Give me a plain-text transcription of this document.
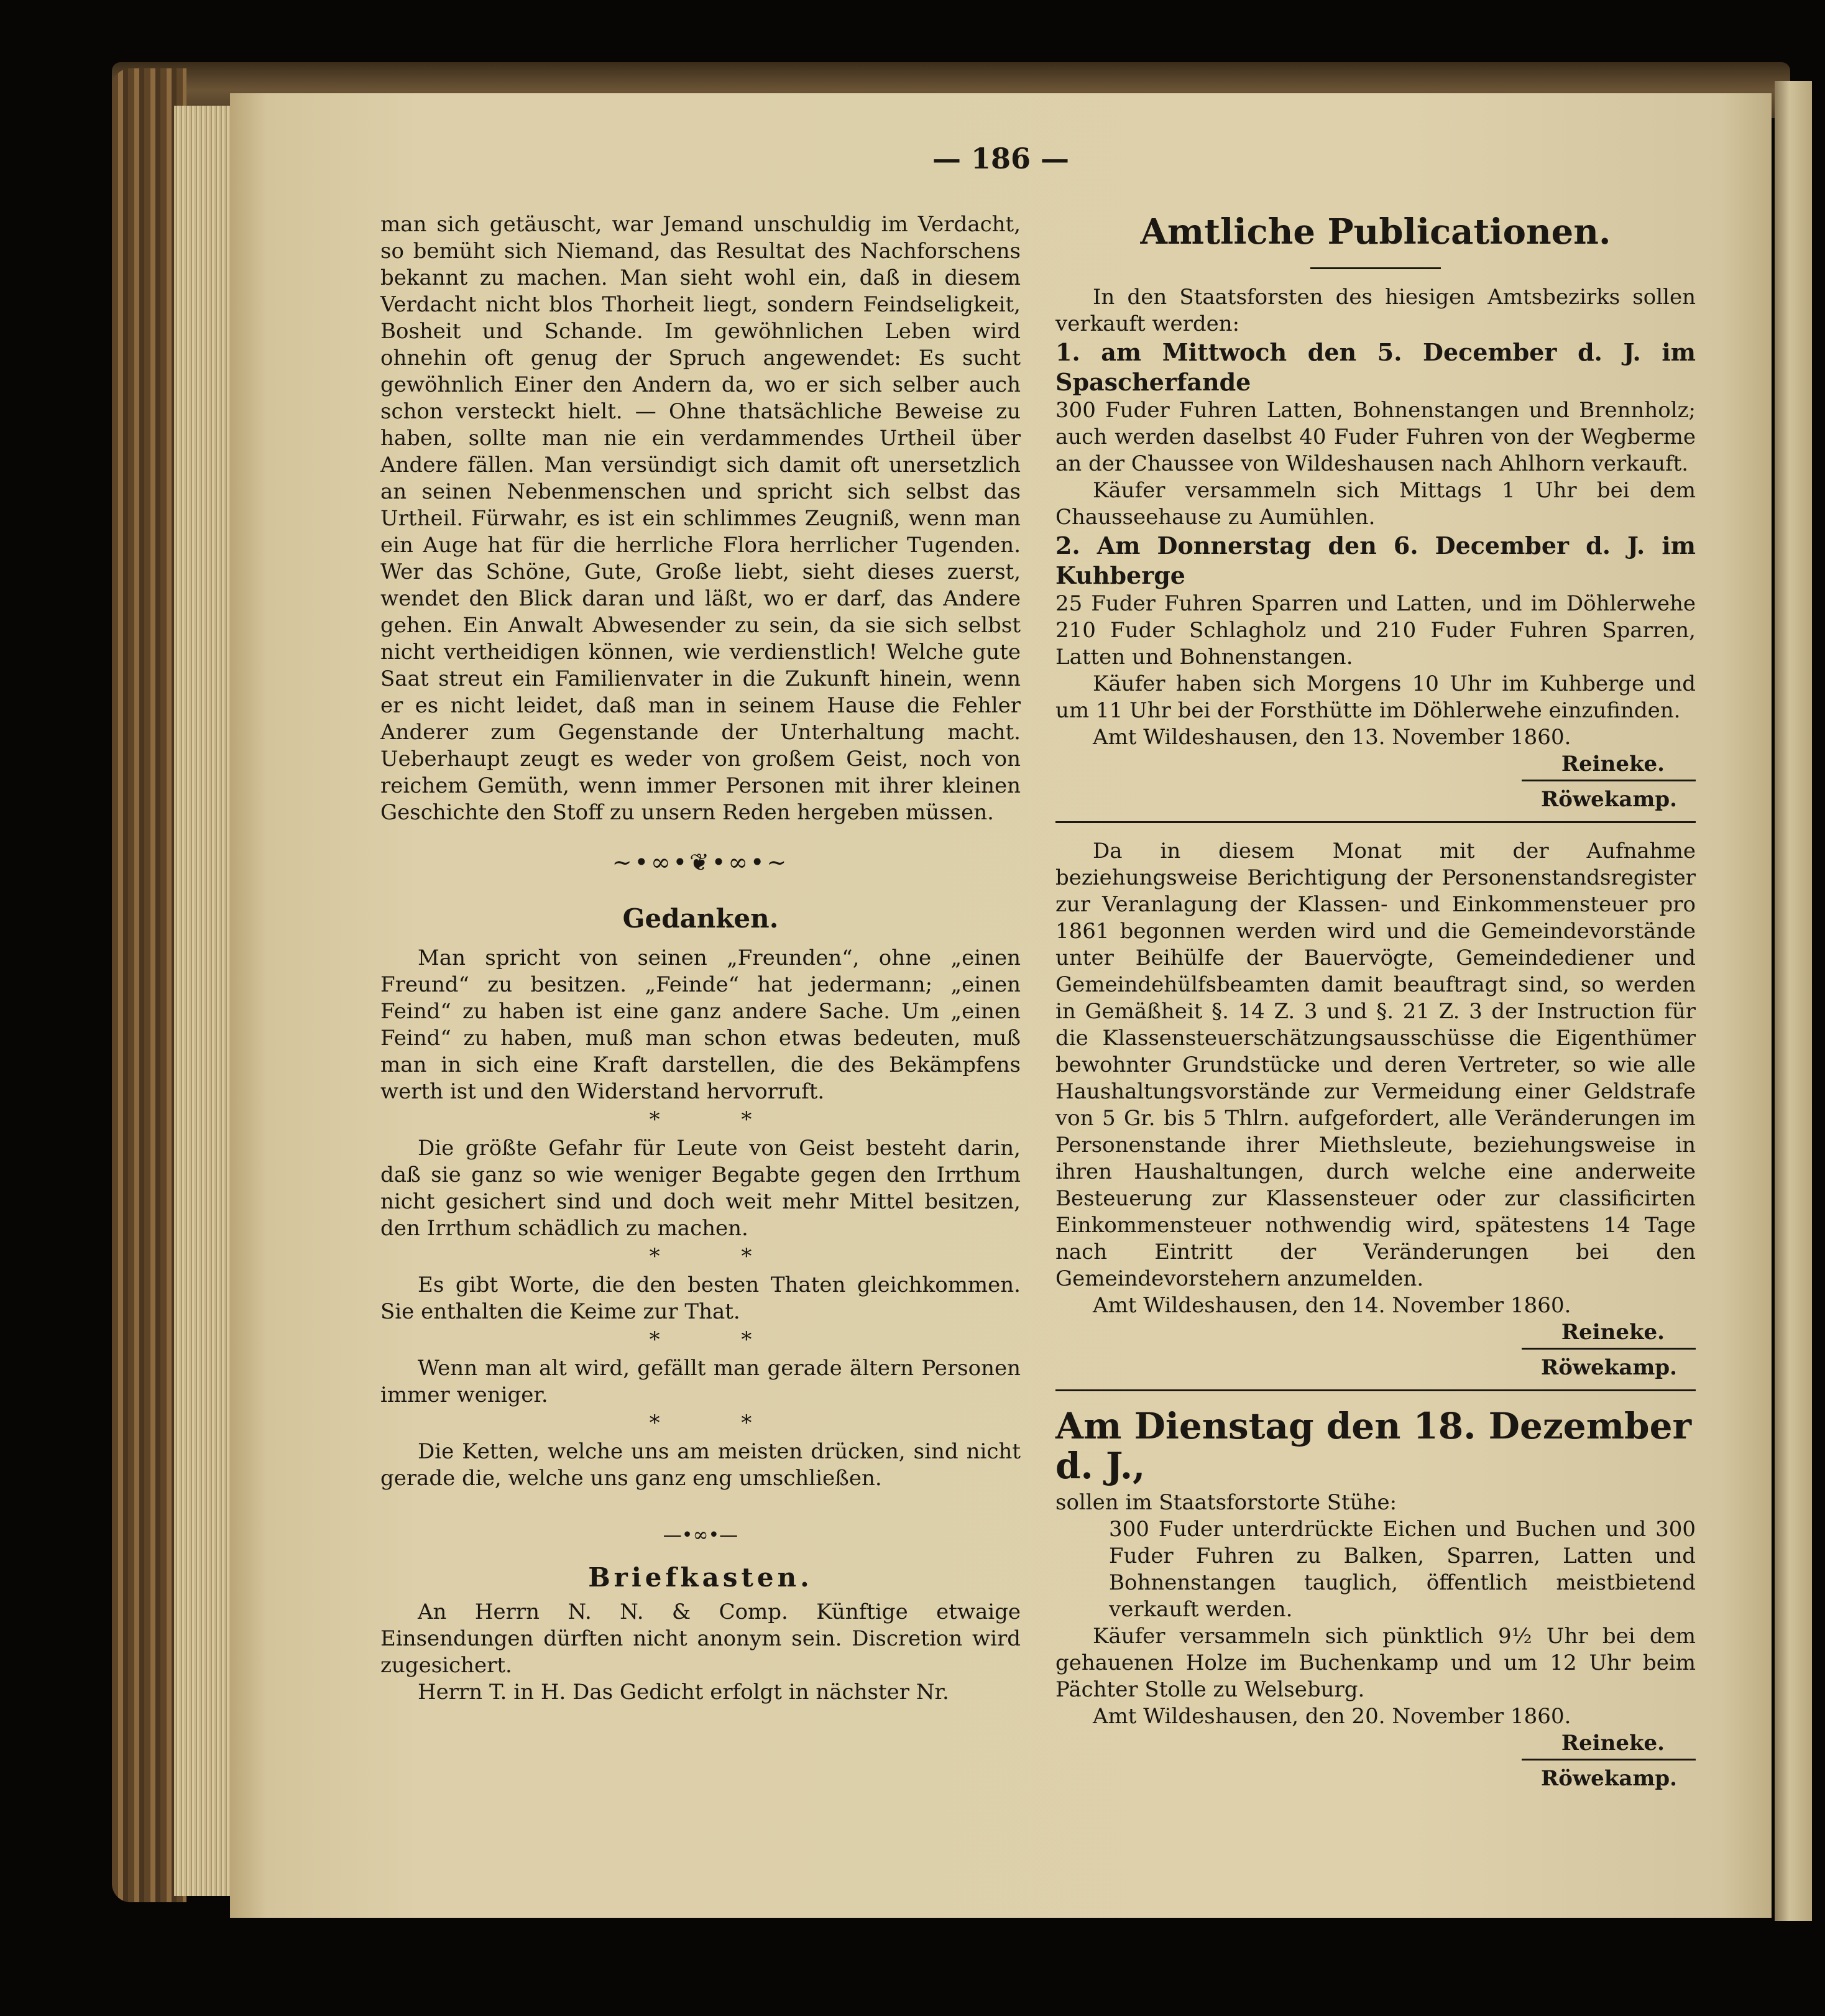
— 186 —

man sich getäuscht, war Jemand unschuldig im Verdacht, so bemüht sich Niemand, das Resultat des Nachforschens bekannt zu machen. Man sieht wohl ein, daß in diesem Verdacht nicht blos Thorheit liegt, sondern Feindseligkeit, Bosheit und Schande. Im gewöhnlichen Leben wird ohnehin oft genug der Spruch angewendet: Es sucht gewöhnlich Einer den Andern da, wo er sich selber auch schon versteckt hielt. — Ohne thatsächliche Beweise zu haben, sollte man nie ein verdammendes Urtheil über Andere fällen. Man versündigt sich damit oft unersetzlich an seinen Nebenmenschen und spricht sich selbst das Urtheil. Fürwahr, es ist ein schlimmes Zeugniß, wenn man ein Auge hat für die herrliche Flora herrlicher Tugenden. Wer das Schöne, Gute, Große liebt, sieht dieses zuerst, wendet den Blick daran und läßt, wo er darf, das Andere gehen. Ein Anwalt Abwesender zu sein, da sie sich selbst nicht vertheidigen können, wie verdienstlich! Welche gute Saat streut ein Familienvater in die Zukunft hinein, wenn er es nicht leidet, daß man in seinem Hause die Fehler Anderer zum Gegenstande der Unterhaltung macht. Ueberhaupt zeugt es weder von großem Geist, noch von reichem Gemüth, wenn immer Personen mit ihrer kleinen Geschichte den Stoff zu unsern Reden hergeben müssen.

~•∞•❦•∞•~
Gedanken.

Man spricht von seinen „Freunden“, ohne „einen Freund“ zu besitzen. „Feinde“ hat jedermann; „einen Feind“ zu haben ist eine ganz andere Sache. Um „einen Feind“ zu haben, muß man schon etwas bedeuten, muß man in sich eine Kraft darstellen, die des Bekämpfens werth ist und den Widerstand hervorruft.

* *

Die größte Gefahr für Leute von Geist besteht darin, daß sie ganz so wie weniger Begabte gegen den Irrthum nicht gesichert sind und doch weit mehr Mittel besitzen, den Irrthum schädlich zu machen.

* *

Es gibt Worte, die den besten Thaten gleichkommen. Sie enthalten die Keime zur That.

* *

Wenn man alt wird, gefällt man gerade ältern Personen immer weniger.

* *

Die Ketten, welche uns am meisten drücken, sind nicht gerade die, welche uns ganz eng umschließen.

—•∞•—
Briefkasten.

An Herrn N. N. & Comp. Künftige etwaige Einsendungen dürften nicht anonym sein. Discretion wird zugesichert.

Herrn T. in H. Das Gedicht erfolgt in nächster Nr.

Amtliche Publicationen.

In den Staatsforsten des hiesigen Amtsbezirks sollen verkauft werden:

1. am Mittwoch den 5. December d. J. im Spascherfande

300 Fuder Fuhren Latten, Bohnenstangen und Brennholz; auch werden daselbst 40 Fuder Fuhren von der Wegberme an der Chaussee von Wildeshausen nach Ahlhorn verkauft.

Käufer versammeln sich Mittags 1 Uhr bei dem Chausseehause zu Aumühlen.

2. Am Donnerstag den 6. December d. J. im Kuhberge

25 Fuder Fuhren Sparren und Latten, und im Döhlerwehe 210 Fuder Schlagholz und 210 Fuder Fuhren Sparren, Latten und Bohnenstangen.

Käufer haben sich Morgens 10 Uhr im Kuhberge und um 11 Uhr bei der Forsthütte im Döhlerwehe einzufinden.

Amt Wildeshausen, den 13. November 1860.

Reineke.
Röwekamp.

Da in diesem Monat mit der Aufnahme beziehungsweise Berichtigung der Personenstandsregister zur Veranlagung der Klassen- und Einkommensteuer pro 1861 begonnen werden wird und die Gemeindevorstände unter Beihülfe der Bauervögte, Gemeindediener und Gemeindehülfsbeamten damit beauftragt sind, so werden in Gemäßheit §. 14 Z. 3 und §. 21 Z. 3 der Instruction für die Klassensteuerschätzungsausschüsse die Eigenthümer bewohnter Grundstücke und deren Vertreter, so wie alle Haushaltungsvorstände zur Vermeidung einer Geldstrafe von 5 Gr. bis 5 Thlrn. aufgefordert, alle Veränderungen im Personenstande ihrer Miethsleute, beziehungsweise in ihren Haushaltungen, durch welche eine anderweite Besteuerung zur Klassensteuer oder zur classificirten Einkommensteuer nothwendig wird, spätestens 14 Tage nach Eintritt der Veränderungen bei den Gemeindevorstehern anzumelden.

Amt Wildeshausen, den 14. November 1860.

Reineke.
Röwekamp.
Am Dienstag den 18. Dezember d. J.,

sollen im Staatsforstorte Stühe:

300 Fuder unterdrückte Eichen und Buchen und 300 Fuder Fuhren zu Balken, Sparren, Latten und Bohnenstangen tauglich, öffentlich meistbietend verkauft werden.

Käufer versammeln sich pünktlich 9½ Uhr bei dem gehauenen Holze im Buchenkamp und um 12 Uhr beim Pächter Stolle zu Welseburg.

Amt Wildeshausen, den 20. November 1860.

Reineke.
Röwekamp.
